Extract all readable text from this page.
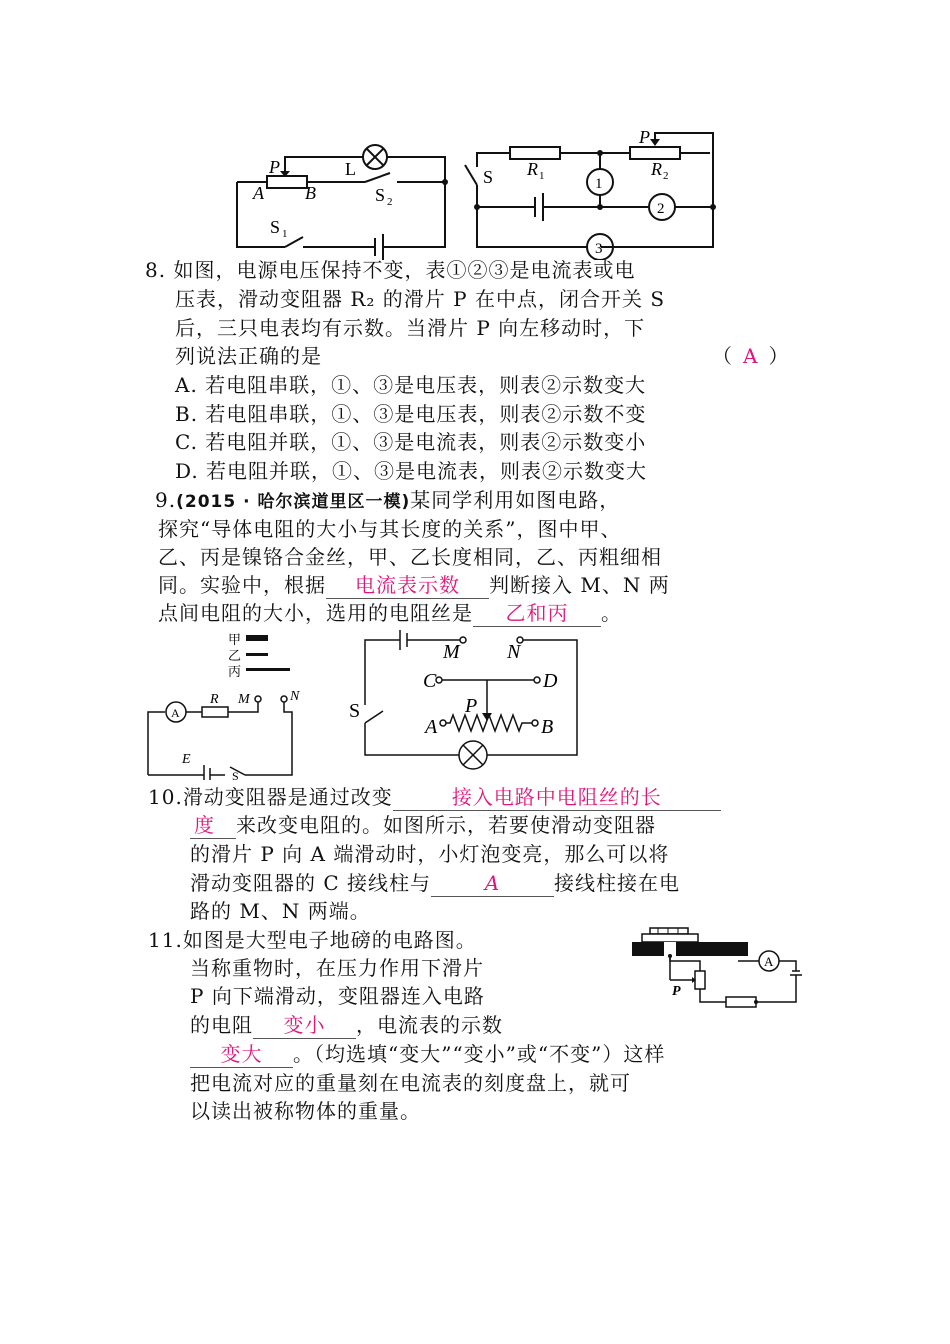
P	L
A B	S 2
S 1
P
R 1	R 2
S	1
2
3
8. 如图，电源电压保持不变，表①②③是电流表或电
压表，滑动变阻器 R₂ 的滑片 P 在中点，闭合开关 S
后，三只电表均有示数。当滑片 P 向左移动时，下
列说法正确的是	（ A ）
A. 若电阻串联，①、③是电压表，则表②示数变大
B. 若电阻串联，①、③是电压表，则表②示数不变
C. 若电阻并联，①、③是电流表，则表②示数变小
D. 若电阻并联，①、③是电流表，则表②示数变大
9.(2015 · 哈尔滨道里区一模)某同学利用如图电路，
探究“导体电阻的大小与其长度的关系”，图中甲、
乙、丙是镍铬合金丝，甲、乙长度相同，乙、丙粗细相
同。实验中，根据 电流表示数 判断接入 M、N 两
点间电阻的大小，选用的电阻丝是 乙和丙 。
甲
乙
丙
A
R M	N
E
S
M N
C	D
S	P
A	B
10.滑动变阻器是通过改变	接入电路中电阻丝的长
度 来改变电阻的。如图所示，若要使滑动变阻器
的滑片 P 向 A 端滑动时，小灯泡变亮，那么可以将
滑动变阻器的 C 接线柱与	A	接线柱接在电
路的 M、N 两端。
11.如图是大型电子地磅的电路图。
当称重物时，在压力作用下滑片
P 向下端滑动，变阻器连入电路
的电阻 变小 ，电流表的示数
变大 。（均选填“变大”“变小”或“不变”）这样
把电流对应的重量刻在电流表的刻度盘上，就可
以读出被称物体的重量。
A
P
